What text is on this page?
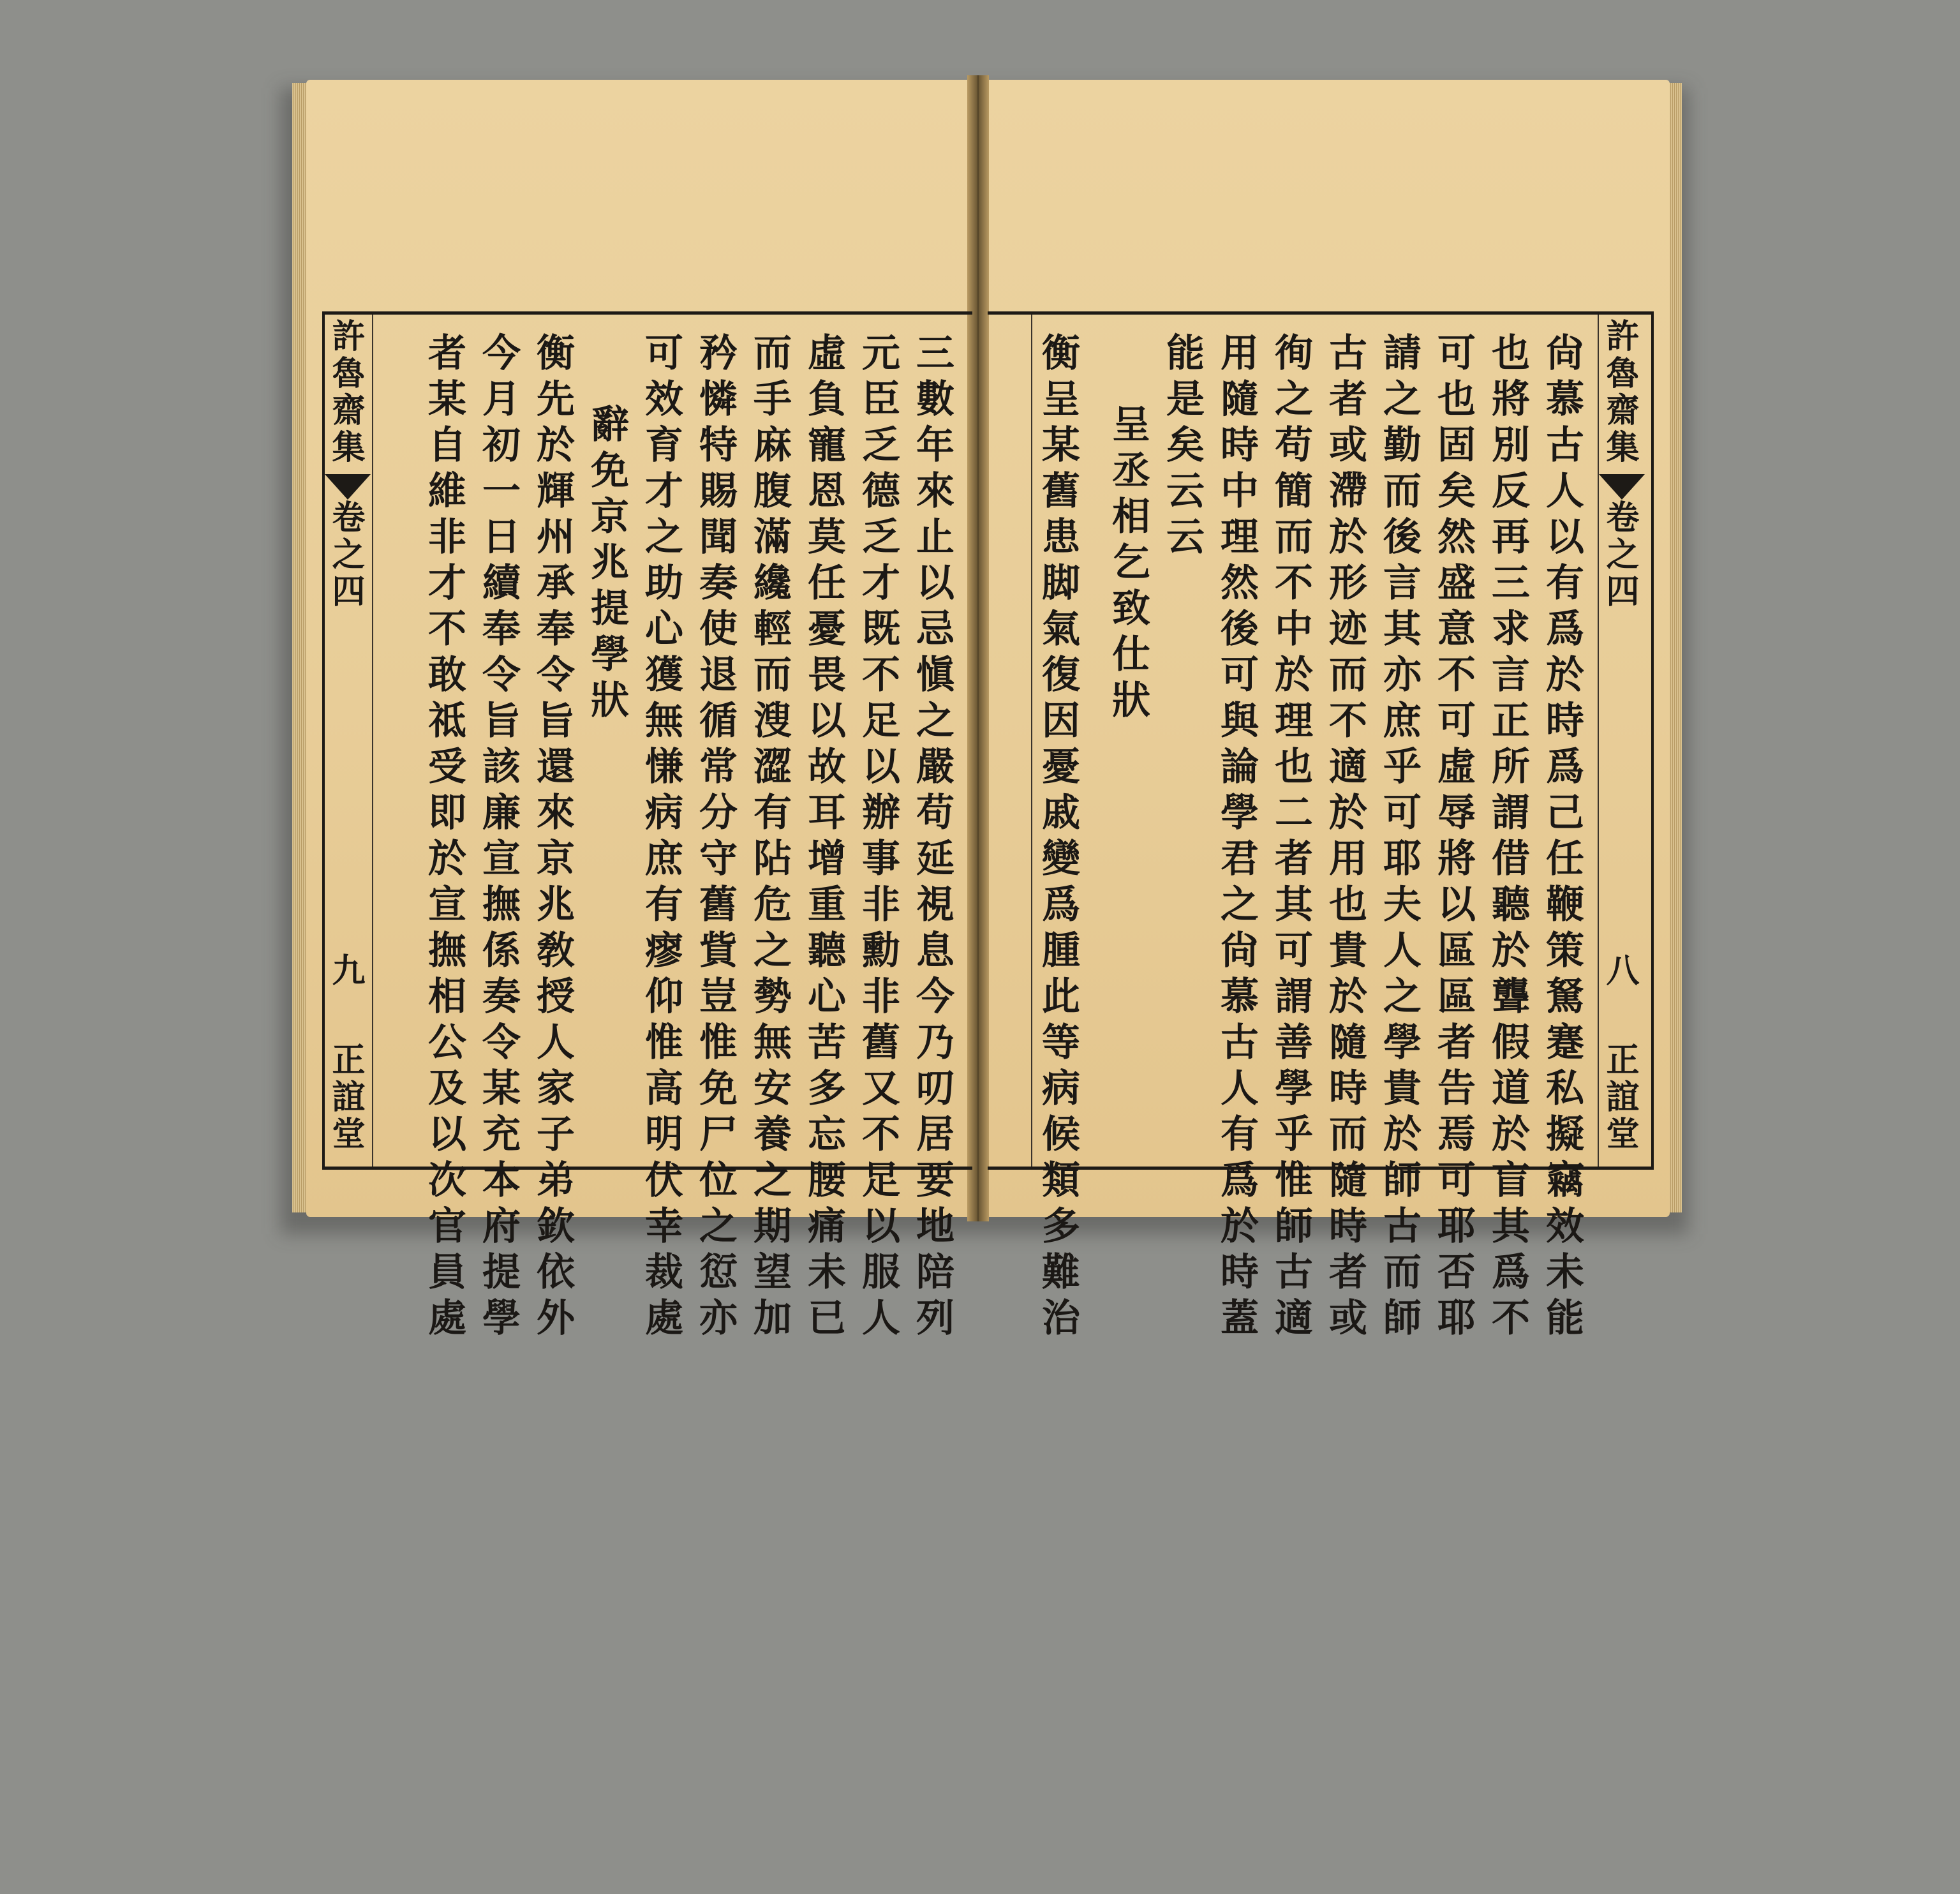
許魯齋集
卷之四
八
正誼堂
尙慕古人以有爲於時爲己任鞭策駑蹇私擬竊效未能
也將別反再三求言正所謂借聽於聾假道於盲其爲不
可也固矣然盛意不可虛辱將以區區者告焉可耶否耶
請之勤而後言其亦庶乎可耶夫人之學貴於師古而師
古者或滯於形迹而不適於用也貴於隨時而隨時者或
徇之苟簡而不中於理也二者其可謂善學乎惟師古適
用隨時中理然後可與論學君之尙慕古人有爲於時蓋
能是矣云云
呈丞相乞致仕狀
衡呈某舊患脚氣復因憂戚變爲腫此等病候類多難治
許魯齋集
卷之四
九
正誼堂	三數年來止以忌愼之嚴苟延視息今乃叨居要地陪列
元臣乏德乏才既不足以辦事非勳非舊又不足以服人
虛負寵恩莫任憂畏以故耳增重聽心苦多忘腰痛未已
而手麻腹滿纔輕而溲澀有阽危之勢無安養之期望加
矜憐特賜聞奏使退循常分守舊貲豈惟免尸位之愆亦
可效育才之助心獲無慊病庶有瘳仰惟高明伏幸裁處
辭免京兆提學狀
衡先於輝州承奉令旨還來京兆敎授人家子弟欽依外
今月初一日續奉令旨該廉宣撫係奏令某充本府提學
者某自維非才不敢祗受即於宣撫相公及以次官員處
